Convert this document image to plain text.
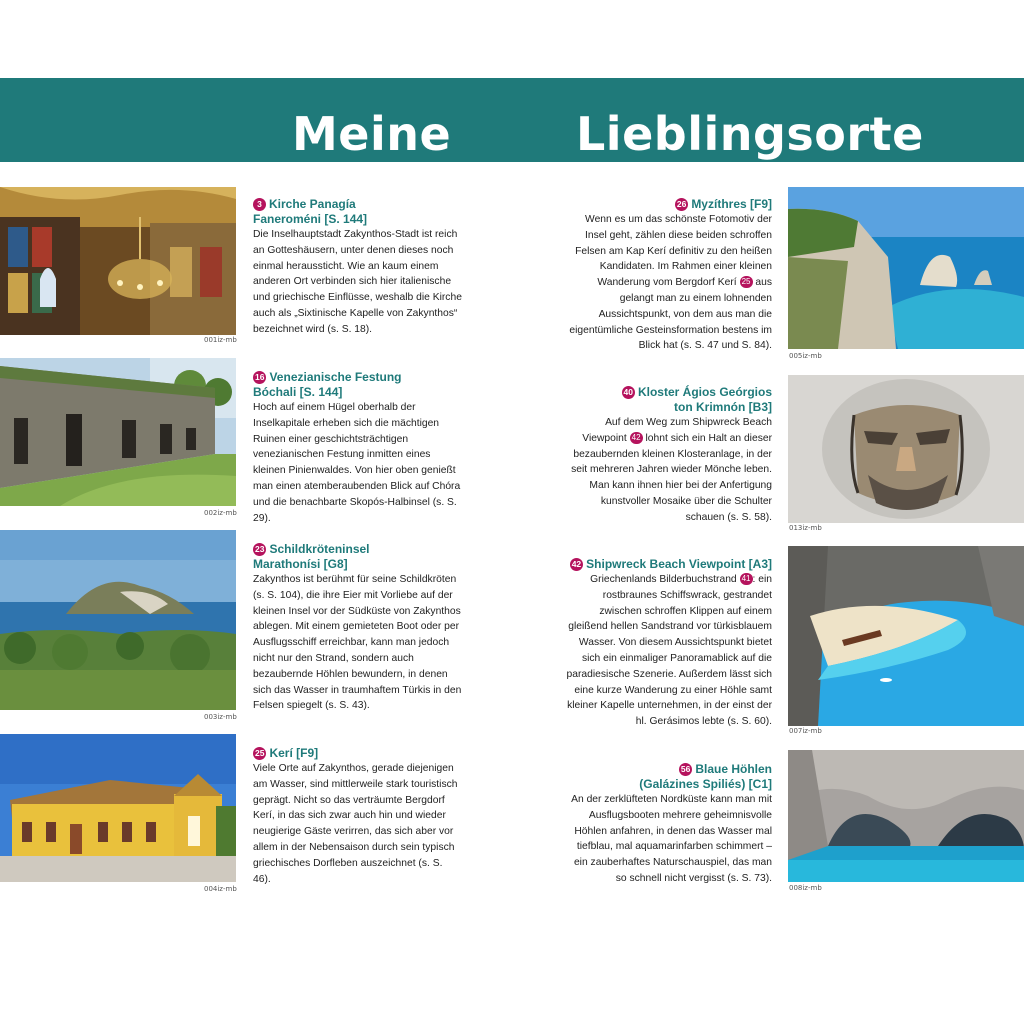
Meine	Lieblingsorte
001iz-mb
002iz-mb
003iz-mb
004iz-mb
005iz-mb
013iz-mb
007iz-mb
008iz-mb
3 Kirche Panagía
Faneroméni [S. 144]
Die Inselhauptstadt Zakynthos-Stadt ist reich an Gotteshäusern, unter denen dieses noch einmal heraussticht. Wie an kaum einem anderen Ort verbinden sich hier italienische und griechische Einflüsse, weshalb die Kirche auch als „Sixtinische Kapelle von Zakynthos“ bezeichnet wird (s. S. 18).
16 Venezianische Festung
Bóchali [S. 144]
Hoch auf einem Hügel oberhalb der Inselkapitale erheben sich die mächtigen Ruinen einer geschichtsträchtigen venezianischen Festung inmitten eines kleinen Pinienwaldes. Von hier oben genießt man einen atemberaubenden Blick auf Chóra und die benachbarte Skopós-Halbinsel (s. S. 29).
23 Schildkröteninsel
Marathonísi [G8]
Zakynthos ist berühmt für seine Schildkröten (s. S. 104), die ihre Eier mit Vorliebe auf der kleinen Insel vor der Südküste von Zakynthos ablegen. Mit einem gemieteten Boot oder per Ausflugsschiff erreichbar, kann man jedoch nicht nur den Strand, sondern auch bezaubernde Höhlen bewundern, in denen sich das Wasser in traumhaftem Türkis in den Felsen spiegelt (s. S. 43).
25 Kerí [F9]
Viele Orte auf Zakynthos, gerade diejenigen am Wasser, sind mittlerweile stark touristisch geprägt. Nicht so das verträumte Bergdorf Kerí, in das sich zwar auch hin und wieder neugierige Gäste verirren, das sich aber vor allem in der Nebensaison durch sein typisch griechisches Dorfleben auszeichnet (s. S. 46).
26 Myzíthres [F9]
Wenn es um das schönste Fotomotiv der Insel geht, zählen diese beiden schroffen Felsen am Kap Kerí definitiv zu den heißen Kandidaten. Im Rahmen einer kleinen Wanderung vom Bergdorf Kerí 25 aus gelangt man zu einem lohnenden Aussichtspunkt, von dem aus man die eigentümliche Gesteinsformation bestens im Blick hat (s. S. 47 und S. 84).
40 Kloster Ágios Geórgios
ton Krimnón [B3]
Auf dem Weg zum Shipwreck Beach Viewpoint 42 lohnt sich ein Halt an dieser bezaubernden kleinen Klosteranlage, in der seit mehreren Jahren wieder Mönche leben. Man kann ihnen hier bei der Anfertigung kunstvoller Mosaike über die Schulter schauen (s. S. 58).
42 Shipwreck Beach Viewpoint [A3]
Griechenlands Bilderbuchstrand 41 : ein rostbraunes Schiffswrack, gestrandet zwischen schroffen Klippen auf einem gleißend hellen Sandstrand vor türkisblauem Wasser. Von diesem Aussichtspunkt bietet sich ein einmaliger Panoramablick auf die paradiesische Szenerie. Außerdem lässt sich eine kurze Wanderung zu einer Höhle samt kleiner Kapelle unternehmen, in der einst der hl. Gerásimos lebte (s. S. 60).
56 Blaue Höhlen
(Galázines Spiliés) [C1]
An der zerklüfteten Nordküste kann man mit Ausflugsbooten mehrere geheimnisvolle Höhlen anfahren, in denen das Wasser mal tiefblau, mal aquamarinfarben schimmert – ein zauberhaftes Naturschauspiel, das man so schnell nicht vergisst (s. S. 73).
